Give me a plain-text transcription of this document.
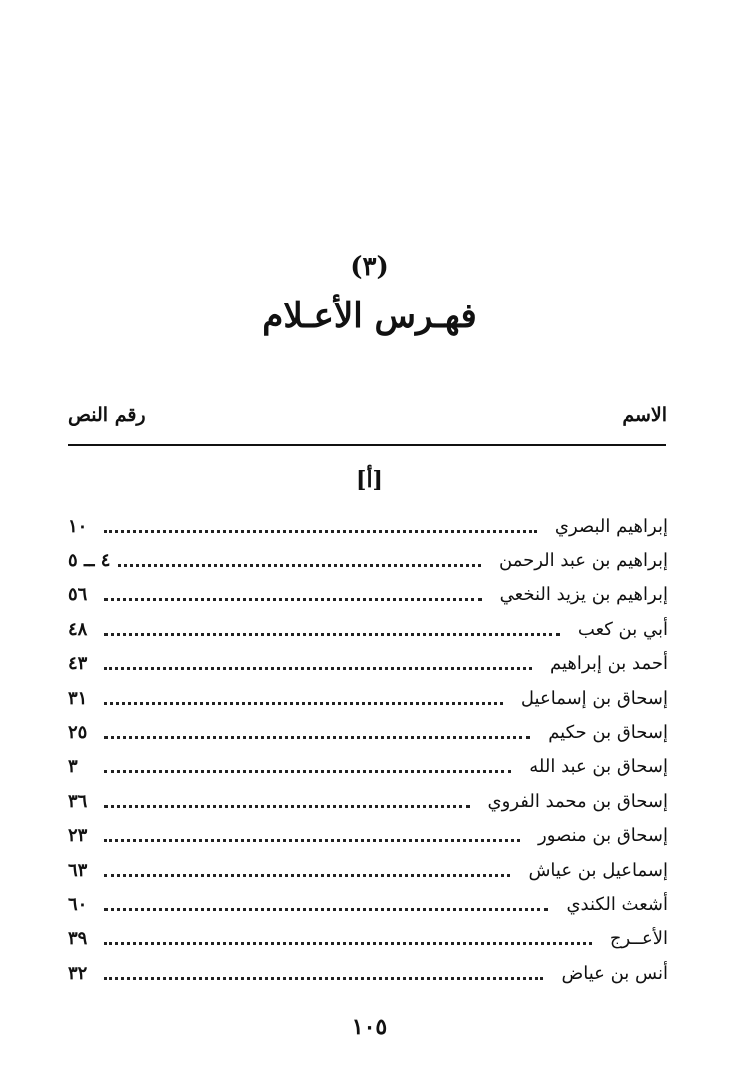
(٣)
فهـرس الأعـلام
الاسم
رقم النص
[أ]
إبراهيم البصري
١٠
إبراهيم بن عبد الرحمن
٤ ــ ٥
إبراهيم بن يزيد النخعي
٥٦
أبي بن كعب
٤٨
أحمد بن إبراهيم
٤٣
إسحاق بن إسماعيل
٣١
إسحاق بن حكيم
٢٥
إسحاق بن عبد الله
٣
إسحاق بن محمد الفروي
٣٦
إسحاق بن منصور
٢٣
إسماعيل بن عياش
٦٣
أشعث الكندي
٦٠
الأعــرج
٣٩
أنس بن عياض
٣٢
١٠٥
